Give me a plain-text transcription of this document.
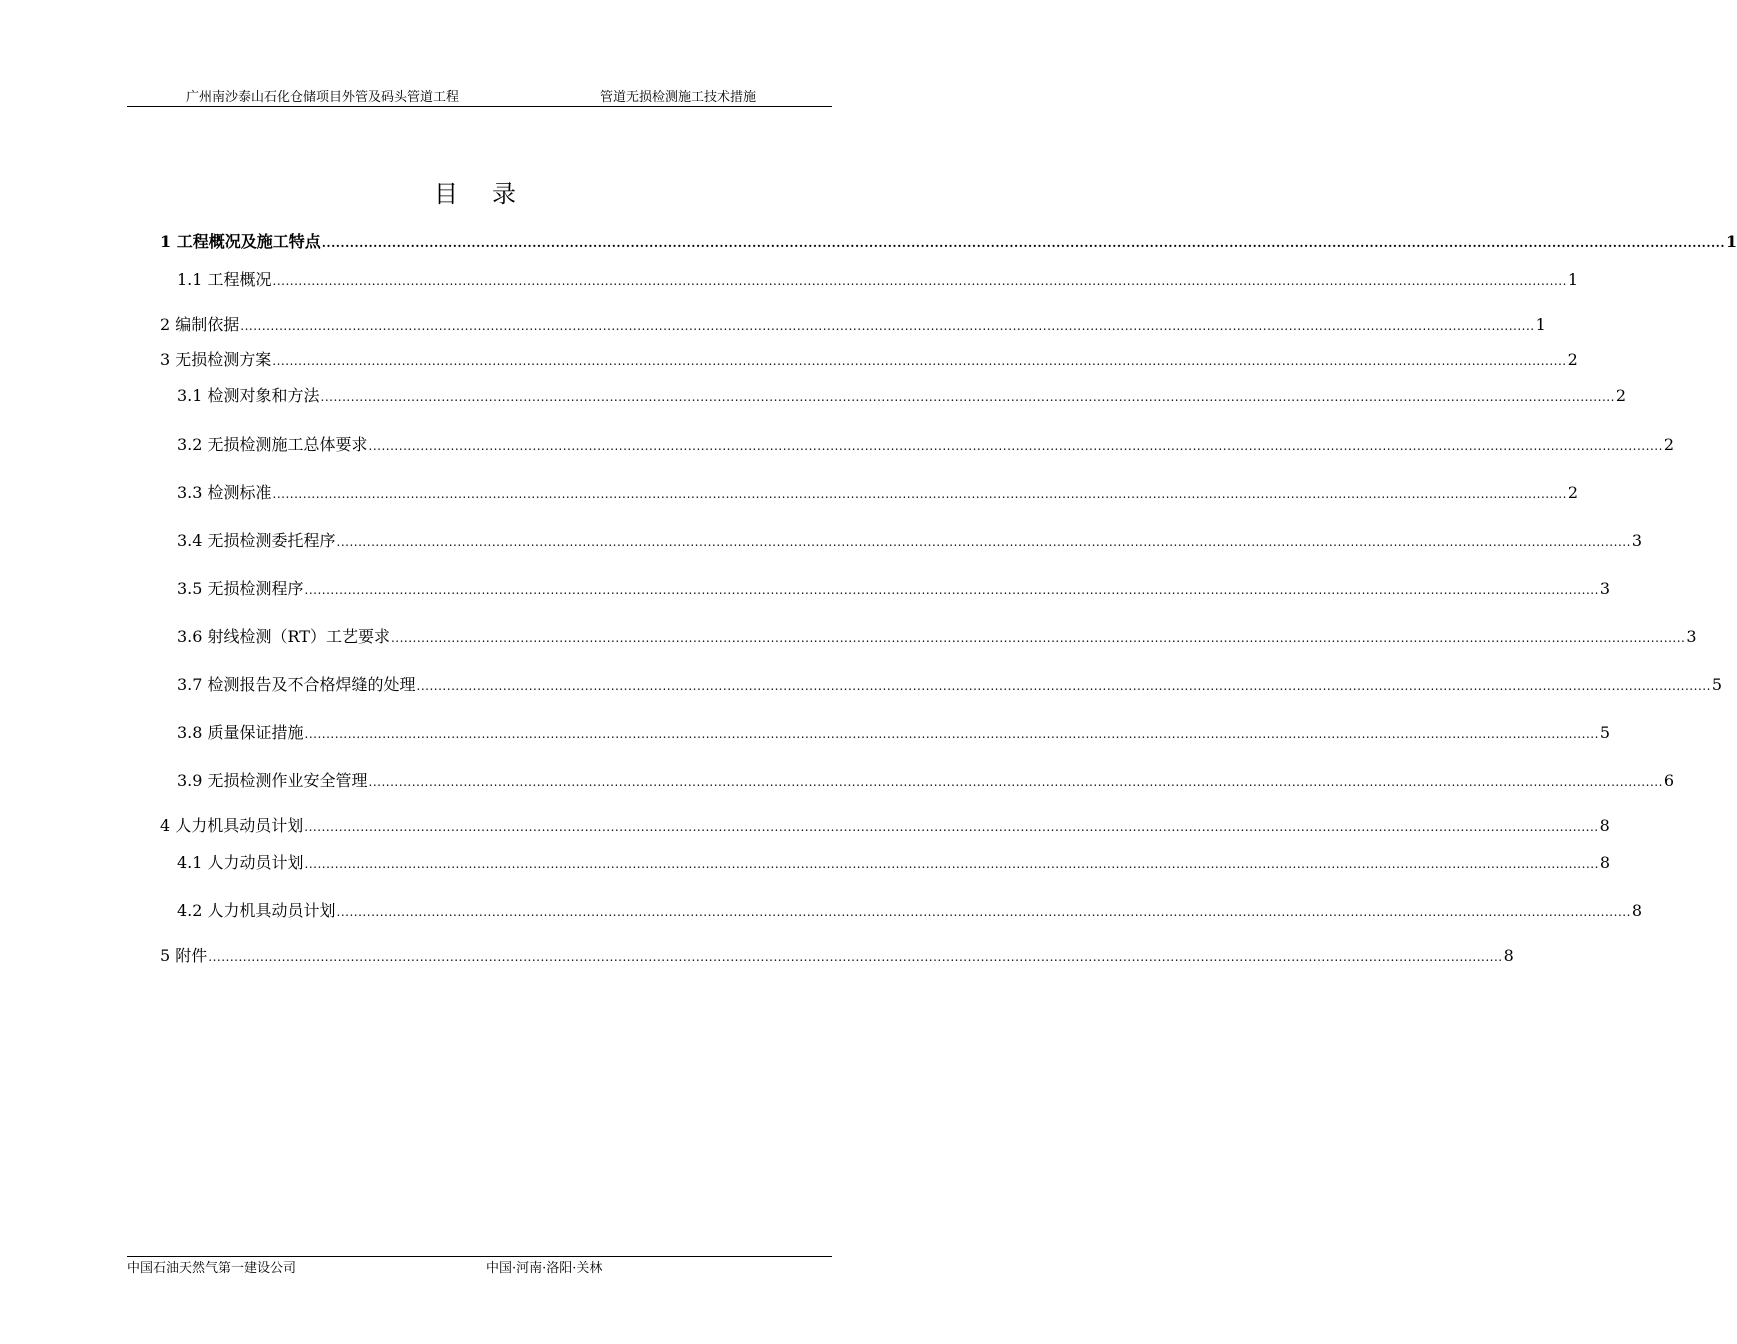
广州南沙泰山石化仓储项目外管及码头管道工程	管道无损检测施工技术措施
目录
1 工程概况及施工特点 ............................................................................................................................................................................................................................................................................................................ 1
1.1 工程概况 ............................................................................................................................................................................................................................................................................................................ 1
2 编制依据 ............................................................................................................................................................................................................................................................................................................ 1
3 无损检测方案 ............................................................................................................................................................................................................................................................................................................ 2
3.1 检测对象和方法 ............................................................................................................................................................................................................................................................................................................ 2
3.2 无损检测施工总体要求 ............................................................................................................................................................................................................................................................................................................ 2
3.3 检测标准 ............................................................................................................................................................................................................................................................................................................ 2
3.4 无损检测委托程序 ............................................................................................................................................................................................................................................................................................................ 3
3.5 无损检测程序 ............................................................................................................................................................................................................................................................................................................ 3
3.6 射线检测（RT）工艺要求 ............................................................................................................................................................................................................................................................................................................ 3
3.7 检测报告及不合格焊缝的处理 ............................................................................................................................................................................................................................................................................................................ 5
3.8 质量保证措施 ............................................................................................................................................................................................................................................................................................................ 5
3.9 无损检测作业安全管理 ............................................................................................................................................................................................................................................................................................................ 6
4 人力机具动员计划 ............................................................................................................................................................................................................................................................................................................ 8
4.1 人力动员计划 ............................................................................................................................................................................................................................................................................................................ 8
4.2 人力机具动员计划 ............................................................................................................................................................................................................................................................................................................ 8
5 附件 ............................................................................................................................................................................................................................................................................................................ 8
中国石油天然气第一建设公司	中国·河南·洛阳·关林
